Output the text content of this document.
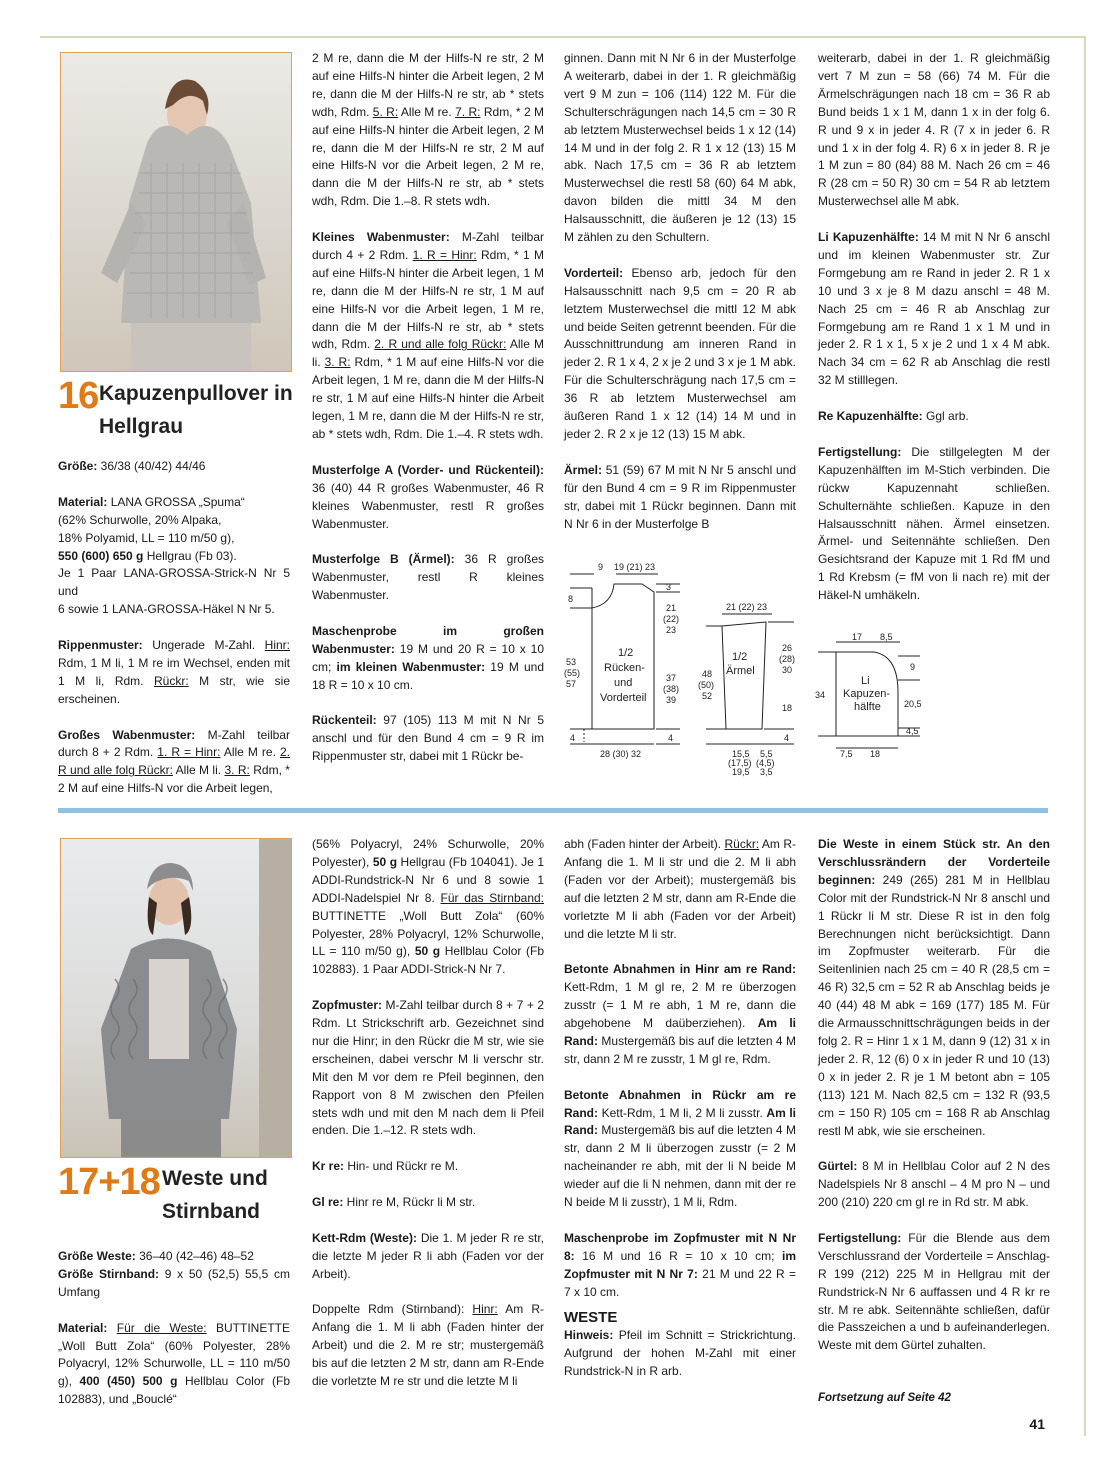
16 Kapuzenpullover in
Hellgrau

Größe: 36/38 (40/42) 44/46

Material: LANA GROSSA „Spuma“
(62% Schurwolle, 20% Alpaka,
18% Polyamid, LL = 110 m/50 g),
550 (600) 650 g Hellgrau (Fb 03).
Je 1 Paar LANA-GROSSA-Strick-N Nr 5 und
6 sowie 1 LANA-GROSSA-Häkel N Nr 5.

Rippenmuster: Ungerade M-Zahl. Hinr: Rdm, 1 M li, 1 M re im Wechsel, enden mit 1 M li, Rdm. Rückr: M str, wie sie erscheinen.

Großes Wabenmuster: M-Zahl teilbar durch 8 + 2 Rdm. 1. R = Hinr: Alle M re. 2. R und alle folg Rückr: Alle M li. 3. R: Rdm, * 2 M auf eine Hilfs-N vor die Arbeit legen,

2 M re, dann die M der Hilfs-N re str, 2 M auf eine Hilfs-N hinter die Arbeit legen, 2 M re, dann die M der Hilfs-N re str, ab * stets wdh, Rdm. 5. R: Alle M re. 7. R: Rdm, * 2 M auf eine Hilfs-N hinter die Arbeit legen, 2 M re, dann die M der Hilfs-N re str, 2 M auf eine Hilfs-N vor die Arbeit legen, 2 M re, dann die M der Hilfs-N re str, ab * stets wdh, Rdm. Die 1.–8. R stets wdh.

Kleines Wabenmuster: M-Zahl teilbar durch 4 + 2 Rdm. 1. R = Hinr: Rdm, * 1 M auf eine Hilfs-N hinter die Arbeit legen, 1 M re, dann die M der Hilfs-N re str, 1 M auf eine Hilfs-N vor die Arbeit legen, 1 M re, dann die M der Hilfs-N re str, ab * stets wdh, Rdm. 2. R und alle folg Rückr: Alle M li. 3. R: Rdm, * 1 M auf eine Hilfs-N vor die Arbeit legen, 1 M re, dann die M der Hilfs-N re str, 1 M auf eine Hilfs-N hinter die Arbeit legen, 1 M re, dann die M der Hilfs-N re str, ab * stets wdh, Rdm. Die 1.–4. R stets wdh.

Musterfolge A (Vorder- und Rückenteil): 36 (40) 44 R großes Wabenmuster, 46 R kleines Wabenmuster, restl R großes Wabenmuster.

Musterfolge B (Ärmel): 36 R großes Wabenmuster, restl R kleines Wabenmuster.

Maschenprobe im großen Wabenmuster: 19 M und 20 R = 10 x 10 cm; im kleinen Wabenmuster: 19 M und 18 R = 10 x 10 cm.

Rückenteil: 97 (105) 113 M mit N Nr 5 anschl und für den Bund 4 cm = 9 R im Rippenmuster str, dabei mit 1 Rückr be-

ginnen. Dann mit N Nr 6 in der Musterfolge A weiterarb, dabei in der 1. R gleichmäßig vert 9 M zun = 106 (114) 122 M. Für die Schulterschrägungen nach 14,5 cm = 30 R ab letztem Musterwechsel beids 1 x 12 (14) 14 M und in der folg 2. R 1 x 12 (13) 15 M abk. Nach 17,5 cm = 36 R ab letztem Musterwechsel die restl 58 (60) 64 M abk, davon bilden die mittl 34 M den Halsausschnitt, die äußeren je 12 (13) 15 M zählen zu den Schultern.

Vorderteil: Ebenso arb, jedoch für den Halsausschnitt nach 9,5 cm = 20 R ab letztem Musterwechsel die mittl 12 M abk und beide Seiten getrennt beenden. Für die Ausschnittrundung am inneren Rand in jeder 2. R 1 x 4, 2 x je 2 und 3 x je 1 M abk. Für die Schulterschrägung nach 17,5 cm = 36 R ab letztem Musterwechsel am äußeren Rand 1 x 12 (14) 14 M und in jeder 2. R 2 x je 12 (13) 15 M abk.

Ärmel: 51 (59) 67 M mit N Nr 5 anschl und für den Bund 4 cm = 9 R im Rippenmuster str, dabei mit 1 Rückr beginnen. Dann mit N Nr 6 in der Musterfolge B

weiterarb, dabei in der 1. R gleichmäßig vert 7 M zun = 58 (66) 74 M. Für die Ärmelschrägungen nach 18 cm = 36 R ab Bund beids 1 x 1 M, dann 1 x in der folg 6. R und 9 x in jeder 4. R (7 x in jeder 6. R und 1 x in der folg 4. R) 6 x in jeder 8. R je 1 M zun = 80 (84) 88 M. Nach 26 cm = 46 R (28 cm = 50 R) 30 cm = 54 R ab letztem Musterwechsel alle M abk.

Li Kapuzenhälfte: 14 M mit N Nr 6 anschl und im kleinen Wabenmuster str. Zur Formgebung am re Rand in jeder 2. R 1 x 10 und 3 x je 8 M dazu anschl = 48 M. Nach 25 cm = 46 R ab Anschlag zur Formgebung am re Rand 1 x 1 M und in jeder 2. R 1 x 1, 5 x je 2 und 1 x 4 M abk. Nach 34 cm = 62 R ab Anschlag die restl 32 M stilllegen.

Re Kapuzenhälfte: Ggl arb.

Fertigstellung: Die stillgelegten M der Kapuzenhälften im M-Stich verbinden. Die rückw Kapuzennaht schließen. Schulternähte schließen. Kapuze in den Halsausschnitt nähen. Ärmel einsetzen. Ärmel- und Seitennähte schließen. Den Gesichtsrand der Kapuze mit 1 Rd fM und 1 Rd Krebsm (= fM von li nach re) mit der Häkel-N umhäkeln.

1/2
Rücken-
und
Vorderteil
9 19 (21) 23
8
3
21
(22)
23
53
(55)
57
37
(38)
39
4	4
28 (30) 32
1/2
Ärmel
21 (22) 23
26
(28)
30
48
(50)
52
18
4
15,5
(17,5)
19,5
5,5
(4,5)
3,5
Li
Kapuzen-
hälfte
17 8,5
34
9
20,5
4,5
7,5 18
17+18 Weste und
Stirnband

Größe Weste: 36–40 (42–46) 48–52
Größe Stirnband: 9 x 50 (52,5) 55,5 cm Umfang

Material: Für die Weste: BUTTINETTE „Woll Butt Zola“ (60% Polyester, 28% Polyacryl, 12% Schurwolle, LL = 110 m/50 g), 400 (450) 500 g Hellblau Color (Fb 102883), und „Bouclé“

(56% Polyacryl, 24% Schurwolle, 20% Polyester), 50 g Hellgrau (Fb 104041). Je 1 ADDI-Rundstrick-N Nr 6 und 8 sowie 1 ADDI-Nadelspiel Nr 8. Für das Stirnband: BUTTINETTE „Woll Butt Zola“ (60% Polyester, 28% Polyacryl, 12% Schurwolle, LL = 110 m/50 g), 50 g Hellblau Color (Fb 102883). 1 Paar ADDI-Strick-N Nr 7.

Zopfmuster: M-Zahl teilbar durch 8 + 7 + 2 Rdm. Lt Strickschrift arb. Gezeichnet sind nur die Hinr; in den Rückr die M str, wie sie erscheinen, dabei verschr M li verschr str. Mit den M vor dem re Pfeil beginnen, den Rapport von 8 M zwischen den Pfeilen stets wdh und mit den M nach dem li Pfeil enden. Die 1.–12. R stets wdh.

Kr re: Hin- und Rückr re M.

Gl re: Hinr re M, Rückr li M str.

Kett-Rdm (Weste): Die 1. M jeder R re str, die letzte M jeder R li abh (Faden vor der Arbeit).

Doppelte Rdm (Stirnband): Hinr: Am R-Anfang die 1. M li abh (Faden hinter der Arbeit) und die 2. M re str; mustergemäß bis auf die letzten 2 M str, dann am R-Ende die vorletzte M re str und die letzte M li

abh (Faden hinter der Arbeit). Rückr: Am R-Anfang die 1. M li str und die 2. M li abh (Faden vor der Arbeit); mustergemäß bis auf die letzten 2 M str, dann am R-Ende die vorletzte M li abh (Faden vor der Arbeit) und die letzte M li str.

Betonte Abnahmen in Hinr am re Rand: Kett-Rdm, 1 M gl re, 2 M re überzogen zusstr (= 1 M re abh, 1 M re, dann die abgehobene M daüberziehen). Am li Rand: Mustergemäß bis auf die letzten 4 M str, dann 2 M re zusstr, 1 M gl re, Rdm.

Betonte Abnahmen in Rückr am re Rand: Kett-Rdm, 1 M li, 2 M li zusstr. Am li Rand: Mustergemäß bis auf die letzten 4 M str, dann 2 M li überzogen zusstr (= 2 M nacheinander re abh, mit der li N beide M wieder auf die li N nehmen, dann mit der re N beide M li zusstr), 1 M li, Rdm.

Maschenprobe im Zopfmuster mit N Nr 8: 16 M und 16 R = 10 x 10 cm; im Zopfmuster mit N Nr 7: 21 M und 22 R = 7 x 10 cm.

WESTE

Hinweis: Pfeil im Schnitt = Strickrichtung. Aufgrund der hohen M-Zahl mit einer Rundstrick-N in R arb.

Die Weste in einem Stück str. An den Verschlussrändern der Vorderteile beginnen: 249 (265) 281 M in Hellblau Color mit der Rundstrick-N Nr 8 anschl und 1 Rückr li M str. Diese R ist in den folg Berechnungen nicht berücksichtigt. Dann im Zopfmuster weiterarb. Für die Seitenlinien nach 25 cm = 40 R (28,5 cm = 46 R) 32,5 cm = 52 R ab Anschlag beids je 40 (44) 48 M abk = 169 (177) 185 M. Für die Armausschnittschrägungen beids in der folg 2. R = Hinr 1 x 1 M, dann 9 (12) 31 x in jeder 2. R, 12 (6) 0 x in jeder R und 10 (13) 0 x in jeder 2. R je 1 M betont abn = 105 (113) 121 M. Nach 82,5 cm = 132 R (93,5 cm = 150 R) 105 cm = 168 R ab Anschlag restl M abk, wie sie erscheinen.

Gürtel: 8 M in Hellblau Color auf 2 N des Nadelspiels Nr 8 anschl – 4 M pro N – und 200 (210) 220 cm gl re in Rd str. M abk.

Fertigstellung: Für die Blende aus dem Verschlussrand der Vorderteile = Anschlag-R 199 (212) 225 M in Hellgrau mit der Rundstrick-N Nr 6 auffassen und 4 R kr re str. M re abk. Seitennähte schließen, dafür die Passzeichen a und b aufeinanderlegen. Weste mit dem Gürtel zuhalten.

Fortsetzung auf Seite 42
41
